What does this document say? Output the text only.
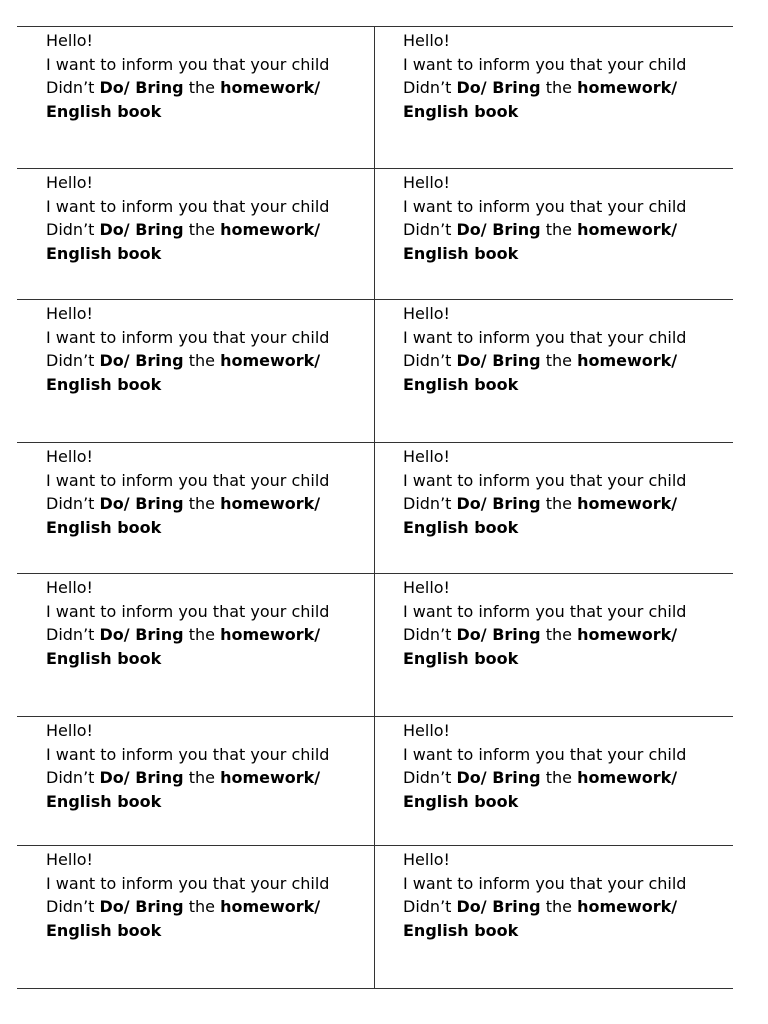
Hello!
I want to inform you that your child
Didn’t Do/ Bring the homework/
English book
Hello!
I want to inform you that your child
Didn’t Do/ Bring the homework/
English book
Hello!
I want to inform you that your child
Didn’t Do/ Bring the homework/
English book
Hello!
I want to inform you that your child
Didn’t Do/ Bring the homework/
English book
Hello!
I want to inform you that your child
Didn’t Do/ Bring the homework/
English book
Hello!
I want to inform you that your child
Didn’t Do/ Bring the homework/
English book
Hello!
I want to inform you that your child
Didn’t Do/ Bring the homework/
English book
Hello!
I want to inform you that your child
Didn’t Do/ Bring the homework/
English book
Hello!
I want to inform you that your child
Didn’t Do/ Bring the homework/
English book
Hello!
I want to inform you that your child
Didn’t Do/ Bring the homework/
English book
Hello!
I want to inform you that your child
Didn’t Do/ Bring the homework/
English book
Hello!
I want to inform you that your child
Didn’t Do/ Bring the homework/
English book
Hello!
I want to inform you that your child
Didn’t Do/ Bring the homework/
English book
Hello!
I want to inform you that your child
Didn’t Do/ Bring the homework/
English book
